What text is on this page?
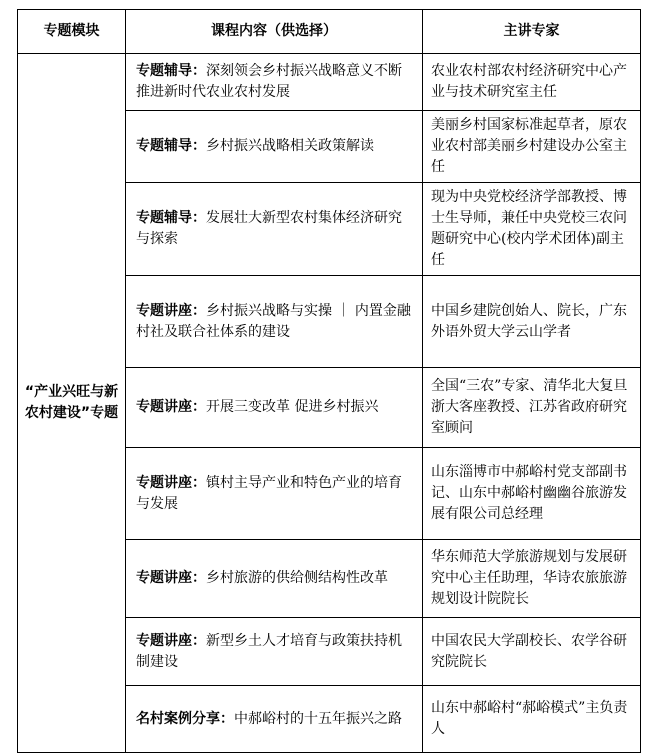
专题模块	课程内容（供选择）	主讲专家
“产业兴旺与新农村建设”专题	专题辅导：深刻领会乡村振兴战略意义不断推进新时代农业农村发展	农业农村部农村经济研究中心产业与技术研究室主任
	专题辅导：乡村振兴战略相关政策解读	美丽乡村国家标准起草者，原农业农村部美丽乡村建设办公室主任
	专题辅导：发展壮大新型农村集体经济研究与探索	现为中央党校经济学部教授、博士生导师，兼任中央党校三农问题研究中心(校内学术团体)副主任
	专题讲座：乡村振兴战略与实操 ｜ 内置金融村社及联合社体系的建设	中国乡建院创始人、院长，广东外语外贸大学云山学者
	专题讲座：开展三变改革 促进乡村振兴	全国“三农”专家、清华北大复旦浙大客座教授、江苏省政府研究室顾问
	专题讲座：镇村主导产业和特色产业的培育与发展	山东淄博市中郝峪村党支部副书记、山东中郝峪村幽幽谷旅游发展有限公司总经理
	专题讲座：乡村旅游的供给侧结构性改革	华东师范大学旅游规划与发展研究中心主任助理，华诗农旅旅游规划设计院院长
	专题讲座：新型乡土人才培育与政策扶持机制建设	中国农民大学副校长、农学谷研究院院长
	名村案例分享：中郝峪村的十五年振兴之路	山东中郝峪村“郝峪模式”主负责人
